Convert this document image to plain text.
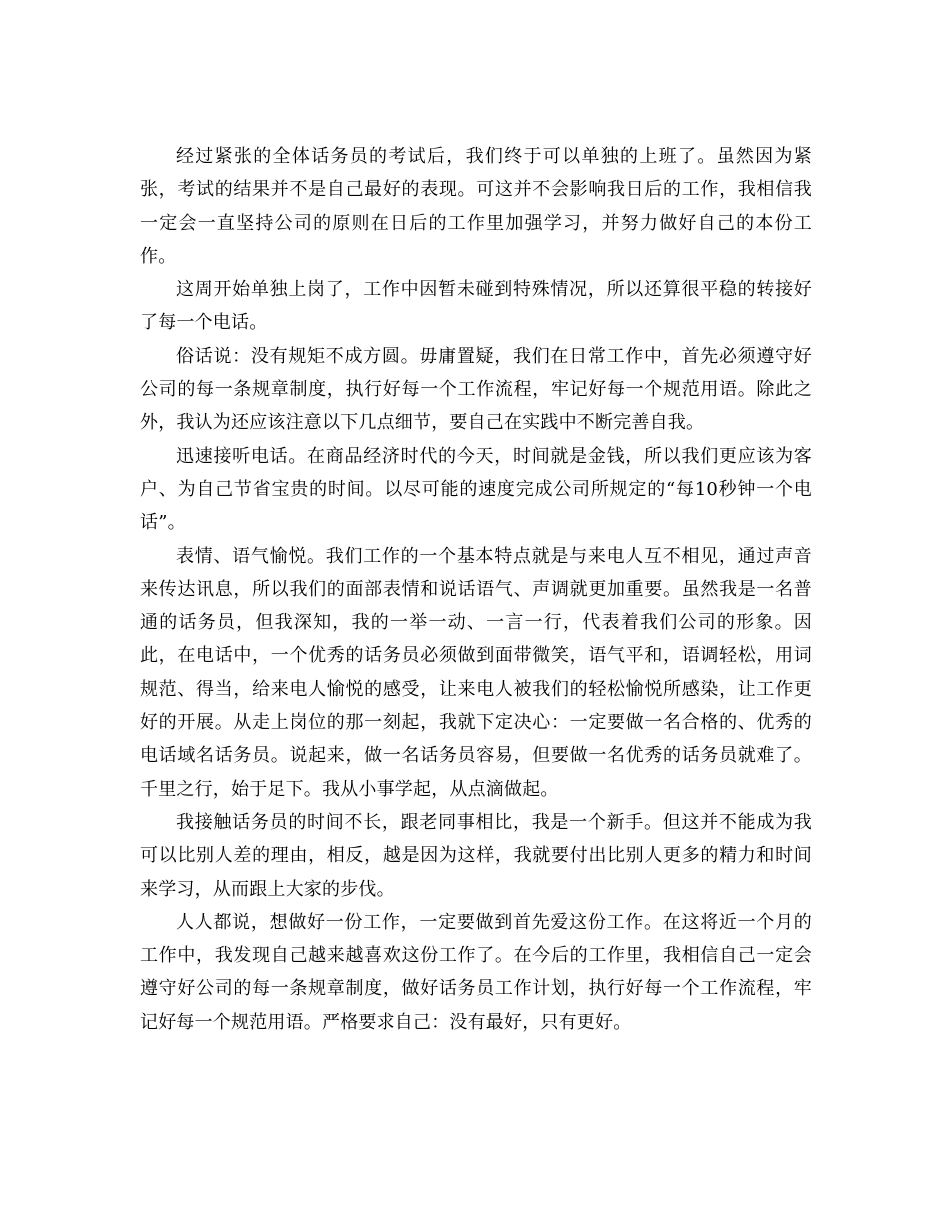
经过紧张的全体话务员的考试后，我们终于可以单独的上班了。虽然因为紧张，考试的结果并不是自己最好的表现。可这并不会影响我日后的工作，我相信我一定会一直坚持公司的原则在日后的工作里加强学习，并努力做好自己的本份工作。

这周开始单独上岗了，工作中因暂未碰到特殊情况，所以还算很平稳的转接好了每一个电话。

俗话说：没有规矩不成方圆。毋庸置疑，我们在日常工作中，首先必须遵守好公司的每一条规章制度，执行好每一个工作流程，牢记好每一个规范用语。除此之外，我认为还应该注意以下几点细节，要自己在实践中不断完善自我。

迅速接听电话。在商品经济时代的今天，时间就是金钱，所以我们更应该为客户、为自己节省宝贵的时间。以尽可能的速度完成公司所规定的“每10秒钟一个电话”。

表情、语气愉悦。我们工作的一个基本特点就是与来电人互不相见，通过声音来传达讯息，所以我们的面部表情和说话语气、声调就更加重要。虽然我是一名普通的话务员，但我深知，我的一举一动、一言一行，代表着我们公司的形象。因此，在电话中，一个优秀的话务员必须做到面带微笑，语气平和，语调轻松，用词规范、得当，给来电人愉悦的感受，让来电人被我们的轻松愉悦所感染，让工作更好的开展。从走上岗位的那一刻起，我就下定决心：一定要做一名合格的、优秀的电话域名话务员。说起来，做一名话务员容易，但要做一名优秀的话务员就难了。千里之行，始于足下。我从小事学起，从点滴做起。

我接触话务员的时间不长，跟老同事相比，我是一个新手。但这并不能成为我可以比别人差的理由，相反，越是因为这样，我就要付出比别人更多的精力和时间来学习，从而跟上大家的步伐。

人人都说，想做好一份工作，一定要做到首先爱这份工作。在这将近一个月的工作中，我发现自己越来越喜欢这份工作了。在今后的工作里，我相信自己一定会遵守好公司的每一条规章制度，做好话务员工作计划，执行好每一个工作流程，牢记好每一个规范用语。严格要求自己：没有最好，只有更好。
